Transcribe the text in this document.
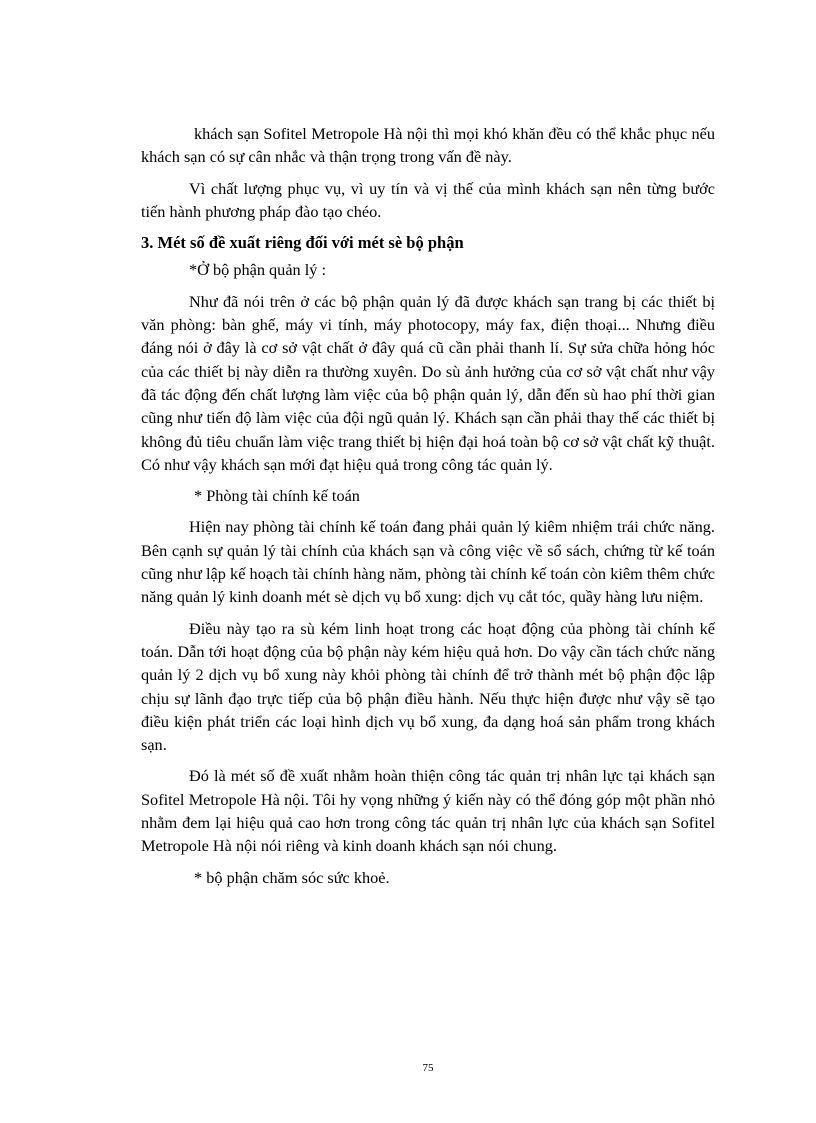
khách sạn Sofitel Metropole Hà nội thì mọi khó khăn đều có thể khắc phục nếu khách sạn có sự cân nhắc và thận trọng trong vấn đề này.

Vì chất lượng phục vụ, vì uy tín và vị thế của mình khách sạn nên từng bước tiến hành phương pháp đào tạo chéo.

3. Mét số đề xuất riêng đối với mét sè bộ phận

*Ở bộ phận quản lý :

Như đã nói trên ở các bộ phận quản lý đã được khách sạn trang bị các thiết bị văn phòng: bàn ghế, máy vi tính, máy photocopy, máy fax, điện thoại... Nhưng điều đáng nói ở đây là cơ sở vật chất ở đây quá cũ cần phải thanh lí. Sự sửa chữa hỏng hóc của các thiết bị này diễn ra thường xuyên. Do sù ảnh hưởng của cơ sở vật chất như vậy đã tác động đến chất lượng làm việc của bộ phận quản lý, dẫn đến sù hao phí thời gian cũng như tiến độ làm việc của đội ngũ quản lý. Khách sạn cần phải thay thế các thiết bị không đủ tiêu chuẩn làm việc trang thiết bị hiện đại hoá toàn bộ cơ sở vật chất kỹ thuật. Có như vậy khách sạn mới đạt hiệu quả trong công tác quản lý.

* Phòng tài chính kế toán

Hiện nay phòng tài chính kế toán đang phải quản lý kiêm nhiệm trái chức năng. Bên cạnh sự quản lý tài chính của khách sạn và công việc về sổ sách, chứng từ kế toán cũng như lập kế hoạch tài chính hàng năm, phòng tài chính kế toán còn kiêm thêm chức năng quản lý kinh doanh mét sè dịch vụ bổ xung: dịch vụ cắt tóc, quầy hàng lưu niệm.

Điều này tạo ra sù kém linh hoạt trong các hoạt động của phòng tài chính kế toán. Dẫn tới hoạt động của bộ phận này kém hiệu quả hơn. Do vậy cần tách chức năng quản lý 2 dịch vụ bổ xung này khỏi phòng tài chính để trở thành mét bộ phận độc lập chịu sự lãnh đạo trực tiếp của bộ phận điều hành. Nếu thực hiện được như vậy sẽ tạo điều kiện phát triển các loại hình dịch vụ bổ xung, đa dạng hoá sản phẩm trong khách sạn.

Đó là mét số đề xuất nhằm hoàn thiện công tác quản trị nhân lực tại khách sạn Sofitel Metropole Hà nội. Tôi hy vọng những ý kiến này có thể đóng góp một phần nhỏ nhằm đem lại hiệu quả cao hơn trong công tác quản trị nhân lực của khách sạn Sofitel Metropole Hà nội nói riêng và kinh doanh khách sạn nói chung.

* bộ phận chăm sóc sức khoẻ.

75
